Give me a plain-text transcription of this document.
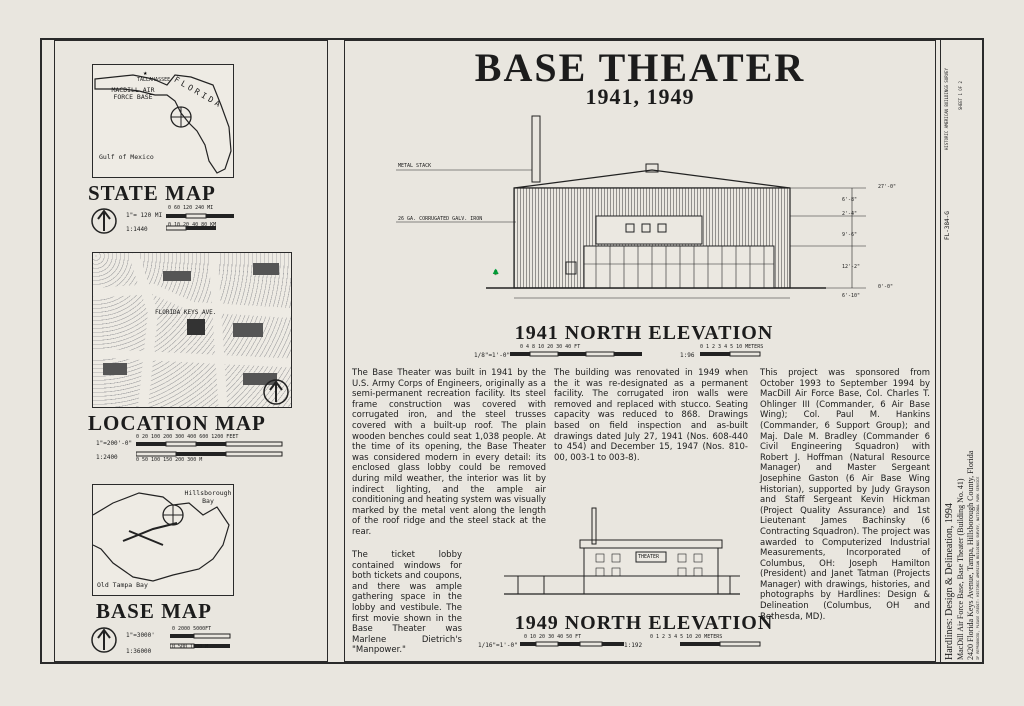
★
TALLAHASSEE
MACDILL AIR FORCE BASE	FLORIDA
Gulf of Mexico
STATE MAP
1"= 120 MI
1:1440
0 60 120 240 MI
0 10 20 40 80 KM
FLORIDA KEYS AVE.
LOCATION MAP
1"=200'-0"
1:2400
0 20 100 200 300 400 600 1200 FEET
0 50 100 150 200 300 M
Hillsborough Bay
Old Tampa Bay
BASE MAP
1"=3000'
1:36000
0 2000 5000FT
0 500 1000 M
BASE THEATER
1941, 1949
🌲
METAL STACK
26 GA. CORRUGATED GALV. IRON
27'-0"
6'-8"
2'-4"
9'-6"
12'-2"
6'-10"
0'-0"
1941 NORTH ELEVATION
1/8"=1'-0"
0 4 8 10 20 30 40 FT
1:96
0 1 2 3 4 5 10 METERS
The Base Theater was built in 1941 by the U.S. Army Corps of Engineers, originally as a semi-permanent recreation facility. Its steel frame construction was covered with corrugated iron, and the steel trusses covered with a built-up roof. The plain wooden benches could seat 1,038 people. At the time of its opening, the Base Theater was considered modern in every detail: its enclosed glass lobby could be removed during mild weather, the interior was lit by indirect lighting, and the ample air conditioning and heating system was visually marked by the metal vent along the length of the roof ridge and the steel stack at the rear.
The ticket lobby contained windows for both tickets and coupons, and there was ample gathering space in the lobby and vestibule. The first movie shown in the Base Theater was Marlene Dietrich's "Manpower."
The building was renovated in 1949 when the it was re-designated as a permanent facility. The corrugated iron walls were removed and replaced with stucco. Seating capacity was reduced to 868. Drawings based on field inspection and as-built drawings dated July 27, 1941 (Nos. 608-440 to 454) and December 15, 1947 (Nos. 810-00, 003-1 to 003-8).
This project was sponsored from October 1993 to September 1994 by MacDill Air Force Base, Col. Charles T. Ohlinger III (Commander, 6 Air Base Wing); Col. Paul M. Hankins (Commander, 6 Support Group); and Maj. Dale M. Bradley (Commander 6 Civil Engineering Squadron) with Robert J. Hoffman (Natural Resource Manager) and Master Sergeant Josephine Gaston (6 Air Base Wing Historian), supported by Judy Grayson and Staff Sergeant Kevin Hickman (Project Quality Assurance) and 1st Lieutenant James Bachinsky (6 Contracting Squadron). The project was awarded to Computerized Industrial Measurements, Incorporated of Columbus, OH: Joseph Hamilton (President) and Janet Tatman (Projects Manager) with drawings, histories, and photographs by Hardlines: Design & Delineation (Columbus, OH and Bethesda, MD).
THEATER
1949 NORTH ELEVATION
1/16"=1'-0"
0 10 20 30 40 50 FT
1:192
0 1 2 3 4 5 10 20 METERS	Hardlines: Design & Delineation, 1994 MacDill Air Force Base, Base Theater (Building No. 41) 2420 Florida Keys Avenue, Tampa, Hillsborough County, Florida IF REPRODUCED, PLEASE CREDIT: HISTORIC AMERICAN BUILDINGS SURVEY, NATIONAL PARK SERVICE
HISTORIC AMERICAN BUILDINGS SURVEY SHEET 1 OF 2
FL-384-G
